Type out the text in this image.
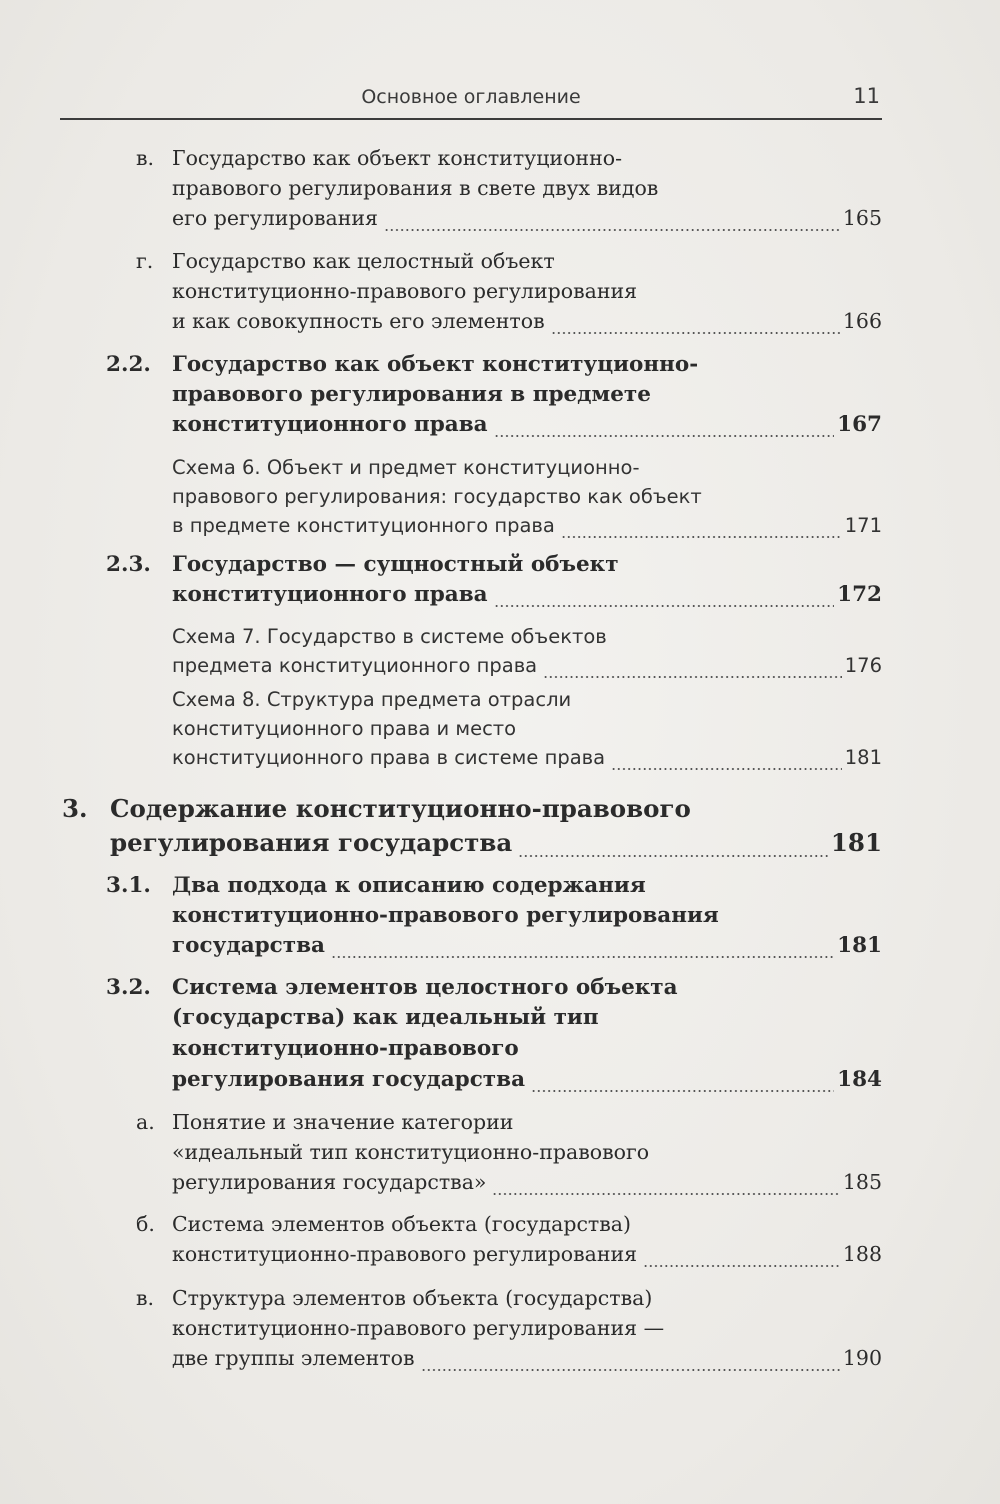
Основное оглавление	11
в. Государство как объект конституционно-
правового регулирования в свете двух видов
его регулирования	165
г. Государство как целостный объект
конституционно-правового регулирования
и как совокупность его элементов	166
2.2. Государство как объект конституционно-
правового регулирования в предмете
конституционного права	167
Схема 6. Объект и предмет конституционно-
правового регулирования: государство как объект
в предмете конституционного права	171
2.3. Государство — сущностный объект
конституционного права	172
Схема 7. Государство в системе объектов
предмета конституционного права	176
Схема 8. Структура предмета отрасли
конституционного права и место
конституционного права в системе права	181
3. Содержание конституционно-правового
регулирования государства	181
3.1. Два подхода к описанию содержания
конституционно-правового регулирования
государства	181
3.2. Система элементов целостного объекта
(государства) как идеальный тип
конституционно-правового
регулирования государства	184
а. Понятие и значение категории
«идеальный тип конституционно-правового
регулирования государства»	185
б. Система элементов объекта (государства)
конституционно-правового регулирования	188
в. Структура элементов объекта (государства)
конституционно-правового регулирования —
две группы элементов	190
